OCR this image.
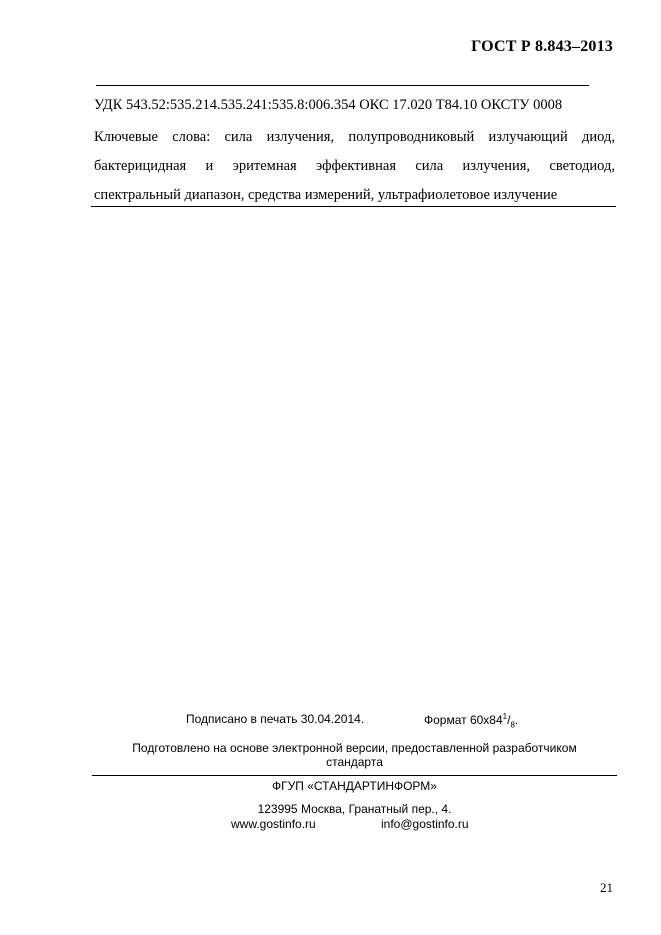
ГОСТ Р 8.843–2013
УДК 543.52:535.214.535.241:535.8:006.354 ОКС 17.020 Т84.10 ОКСТУ 0008
Ключевые слова: сила излучения, полупроводниковый излучающий диод,
бактерицидная и эритемная эффективная сила излучения, светодиод,
спектральный диапазон, средства измерений, ультрафиолетовое излучение
Подписано в печать 30.04.2014.	Формат $60x84^1/_8$.
Подготовлено на основе электронной версии, предоставленной разработчиком
стандарта
ФГУП «СТАНДАРТИНФОРМ»
123995 Москва, Гранатный пер., 4.
www.gostinfo.ru	info@gostinfo.ru
21
